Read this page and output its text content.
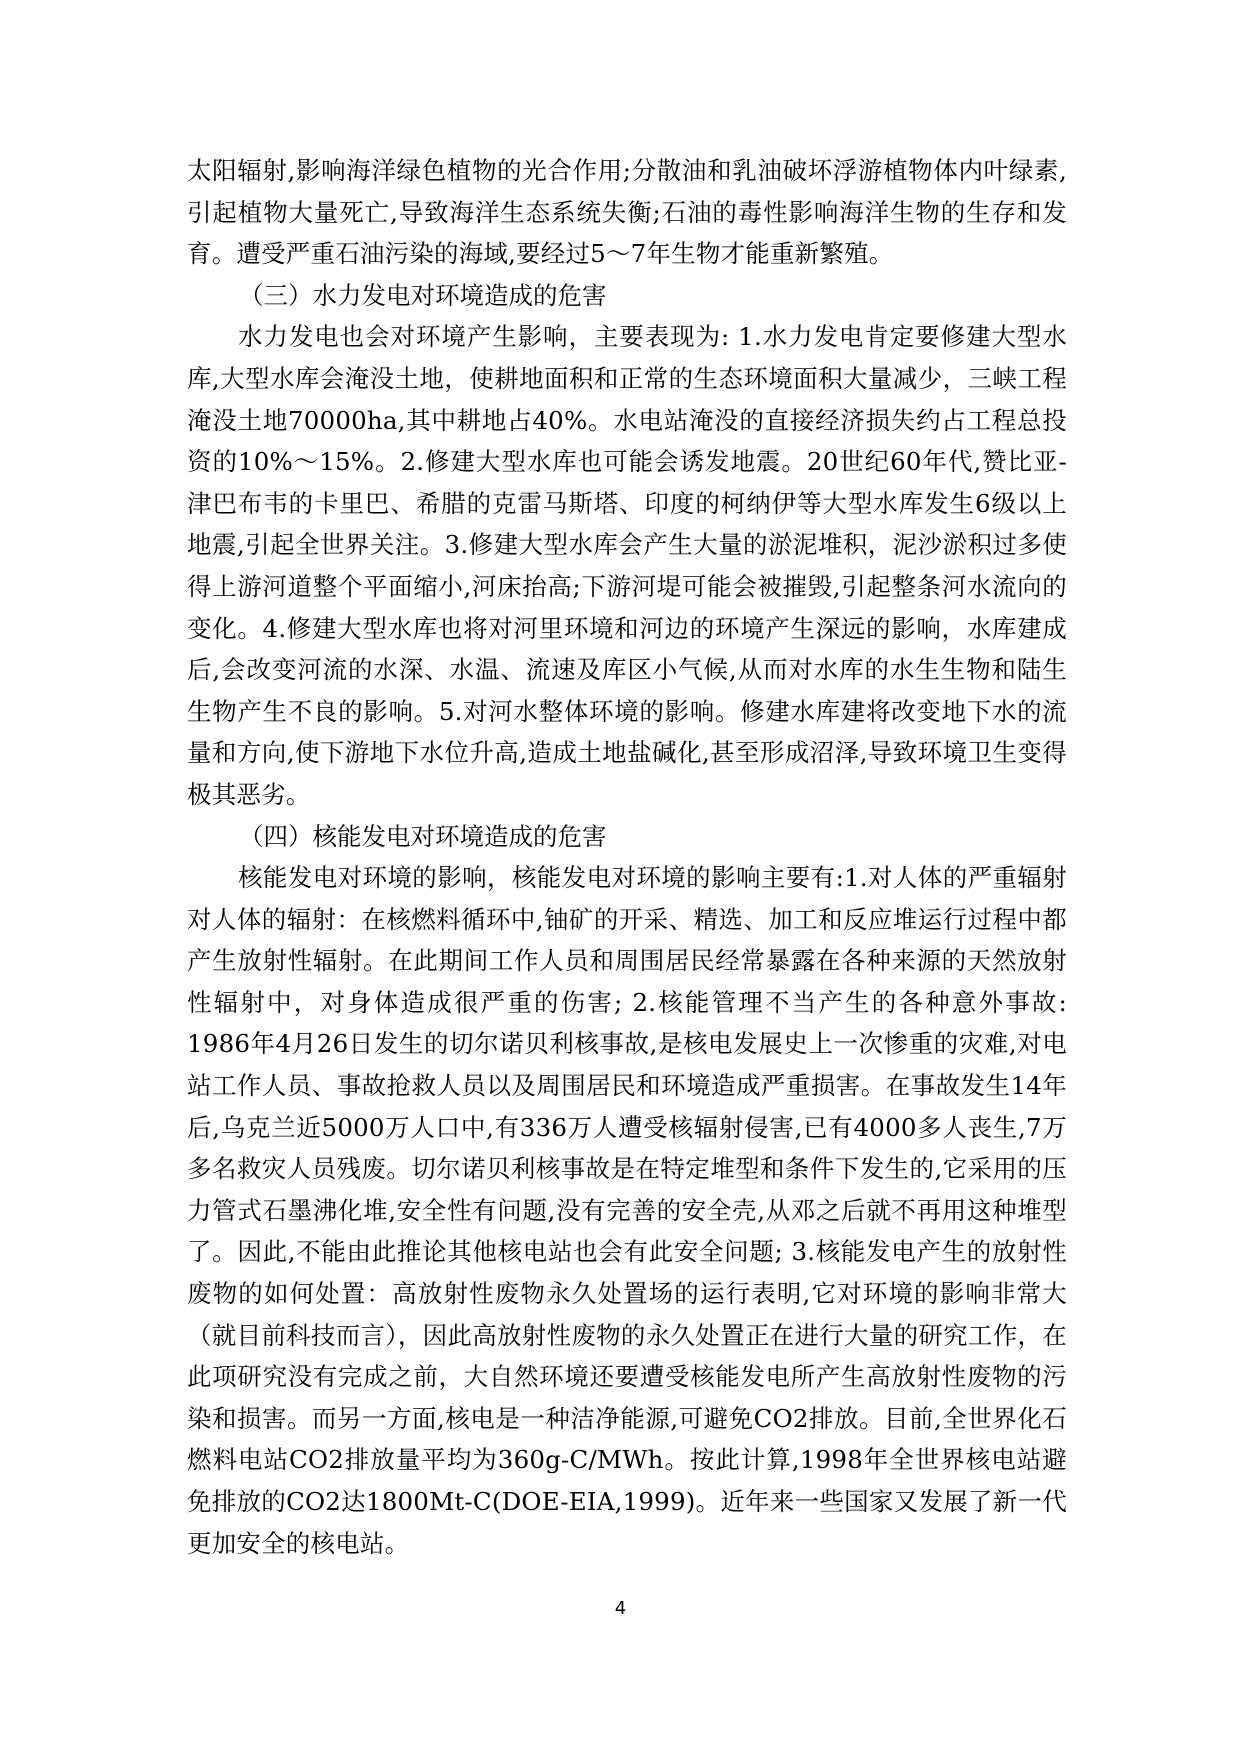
太阳辐射,影响海洋绿色植物的光合作用;分散油和乳油破坏浮游植物体内叶绿素,引起植物大量死亡,导致海洋生态系统失衡;石油的毒性影响海洋生物的生存和发育。遭受严重石油污染的海域,要经过5～7年生物才能重新繁殖。

（三）水力发电对环境造成的危害

水力发电也会对环境产生影响，主要表现为: 1.水力发电肯定要修建大型水库,大型水库会淹没土地，使耕地面积和正常的生态环境面积大量减少，三峡工程淹没土地70000ha,其中耕地占40%。水电站淹没的直接经济损失约占工程总投资的10%～15%。2.修建大型水库也可能会诱发地震。20世纪60年代,赞比亚-津巴布韦的卡里巴、希腊的克雷马斯塔、印度的柯纳伊等大型水库发生6级以上地震,引起全世界关注。3.修建大型水库会产生大量的淤泥堆积，泥沙淤积过多使得上游河道整个平面缩小,河床抬高;下游河堤可能会被摧毁,引起整条河水流向的变化。4.修建大型水库也将对河里环境和河边的环境产生深远的影响，水库建成后,会改变河流的水深、水温、流速及库区小气候,从而对水库的水生生物和陆生生物产生不良的影响。5.对河水整体环境的影响。修建水库建将改变地下水的流量和方向,使下游地下水位升高,造成土地盐碱化,甚至形成沼泽,导致环境卫生变得极其恶劣。

（四）核能发电对环境造成的危害

核能发电对环境的影响，核能发电对环境的影响主要有:1.对人体的严重辐射对人体的辐射：在核燃料循环中,铀矿的开采、精选、加工和反应堆运行过程中都产生放射性辐射。在此期间工作人员和周围居民经常暴露在各种来源的天然放射性辐射中，对身体造成很严重的伤害; 2.核能管理不当产生的各种意外事故: 1986年4月26日发生的切尔诺贝利核事故,是核电发展史上一次惨重的灾难,对电站工作人员、事故抢救人员以及周围居民和环境造成严重损害。在事故发生14年后,乌克兰近5000万人口中,有336万人遭受核辐射侵害,已有4000多人丧生,7万多名救灾人员残废。切尔诺贝利核事故是在特定堆型和条件下发生的,它采用的压力管式石墨沸化堆,安全性有问题,没有完善的安全壳,从邓之后就不再用这种堆型了。因此,不能由此推论其他核电站也会有此安全问题; 3.核能发电产生的放射性废物的如何处置：高放射性废物永久处置场的运行表明,它对环境的影响非常大（就目前科技而言），因此高放射性废物的永久处置正在进行大量的研究工作，在此项研究没有完成之前，大自然环境还要遭受核能发电所产生高放射性废物的污染和损害。而另一方面,核电是一种洁净能源,可避免CO2排放。目前,全世界化石燃料电站CO2排放量平均为360g-C/MWh。按此计算,1998年全世界核电站避免排放的CO2达1800Mt-C(DOE-EIA,1999)。近年来一些国家又发展了新一代更加安全的核电站。

4
